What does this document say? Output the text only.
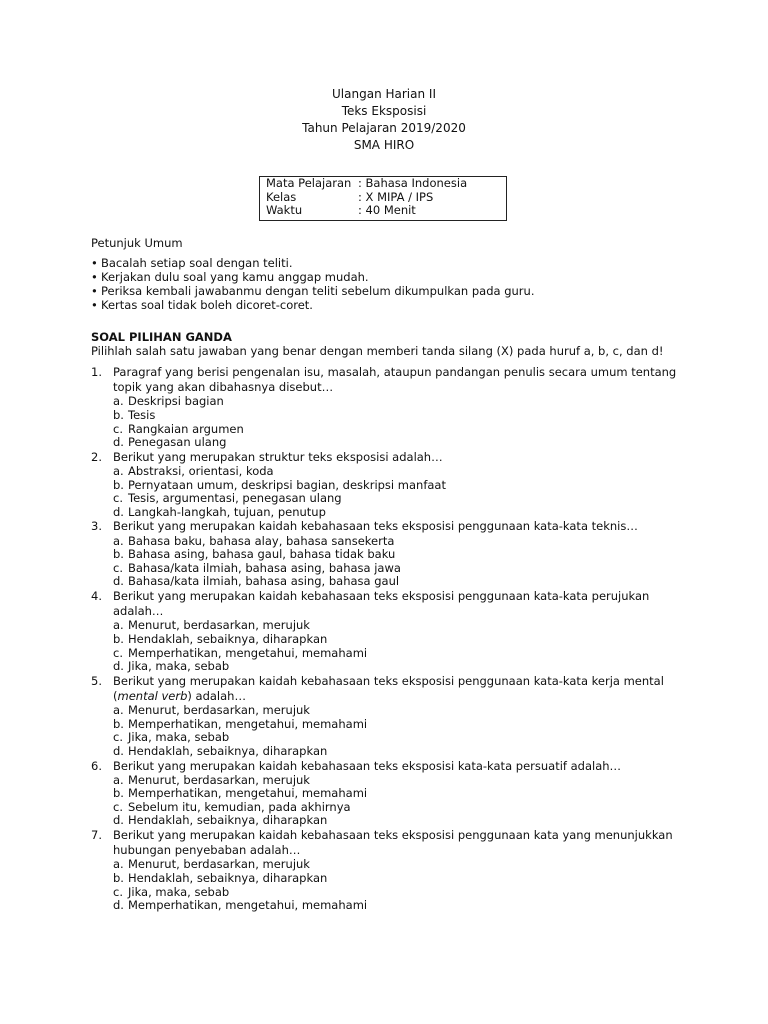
Ulangan Harian II
Teks Eksposisi
Tahun Pelajaran 2019/2020
SMA HIRO
Mata Pelajaran : Bahasa Indonesia
Kelas	: X MIPA / IPS
Waktu	: 40 Menit
Petunjuk Umum
• Bacalah setiap soal dengan teliti.
• Kerjakan dulu soal yang kamu anggap mudah.
• Periksa kembali jawabanmu dengan teliti sebelum dikumpulkan pada guru.
• Kertas soal tidak boleh dicoret-coret.
SOAL PILIHAN GANDA
Pilihlah salah satu jawaban yang benar dengan memberi tanda silang (X) pada huruf a, b, c, dan d!
1. Paragraf yang berisi pengenalan isu, masalah, ataupun pandangan penulis secara umum tentang topik yang akan dibahasnya disebut…
a. Deskripsi bagian
b. Tesis
c. Rangkaian argumen
d. Penegasan ulang
2. Berikut yang merupakan struktur teks eksposisi adalah…
a. Abstraksi, orientasi, koda
b. Pernyataan umum, deskripsi bagian, deskripsi manfaat
c. Tesis, argumentasi, penegasan ulang
d. Langkah-langkah, tujuan, penutup
3. Berikut yang merupakan kaidah kebahasaan teks eksposisi penggunaan kata-kata teknis…
a. Bahasa baku, bahasa alay, bahasa sansekerta
b. Bahasa asing, bahasa gaul, bahasa tidak baku
c. Bahasa/kata ilmiah, bahasa asing, bahasa jawa
d. Bahasa/kata ilmiah, bahasa asing, bahasa gaul
4. Berikut yang merupakan kaidah kebahasaan teks eksposisi penggunaan kata-kata perujukan adalah…
a. Menurut, berdasarkan, merujuk
b. Hendaklah, sebaiknya, diharapkan
c. Memperhatikan, mengetahui, memahami
d. Jika, maka, sebab
5. Berikut yang merupakan kaidah kebahasaan teks eksposisi penggunaan kata-kata kerja mental (mental verb) adalah…
a. Menurut, berdasarkan, merujuk
b. Memperhatikan, mengetahui, memahami
c. Jika, maka, sebab
d. Hendaklah, sebaiknya, diharapkan
6. Berikut yang merupakan kaidah kebahasaan teks eksposisi kata-kata persuatif adalah…
a. Menurut, berdasarkan, merujuk
b. Memperhatikan, mengetahui, memahami
c. Sebelum itu, kemudian, pada akhirnya
d. Hendaklah, sebaiknya, diharapkan
7. Berikut yang merupakan kaidah kebahasaan teks eksposisi penggunaan kata yang menunjukkan hubungan penyebaban adalah…
a. Menurut, berdasarkan, merujuk
b. Hendaklah, sebaiknya, diharapkan
c. Jika, maka, sebab
d. Memperhatikan, mengetahui, memahami
